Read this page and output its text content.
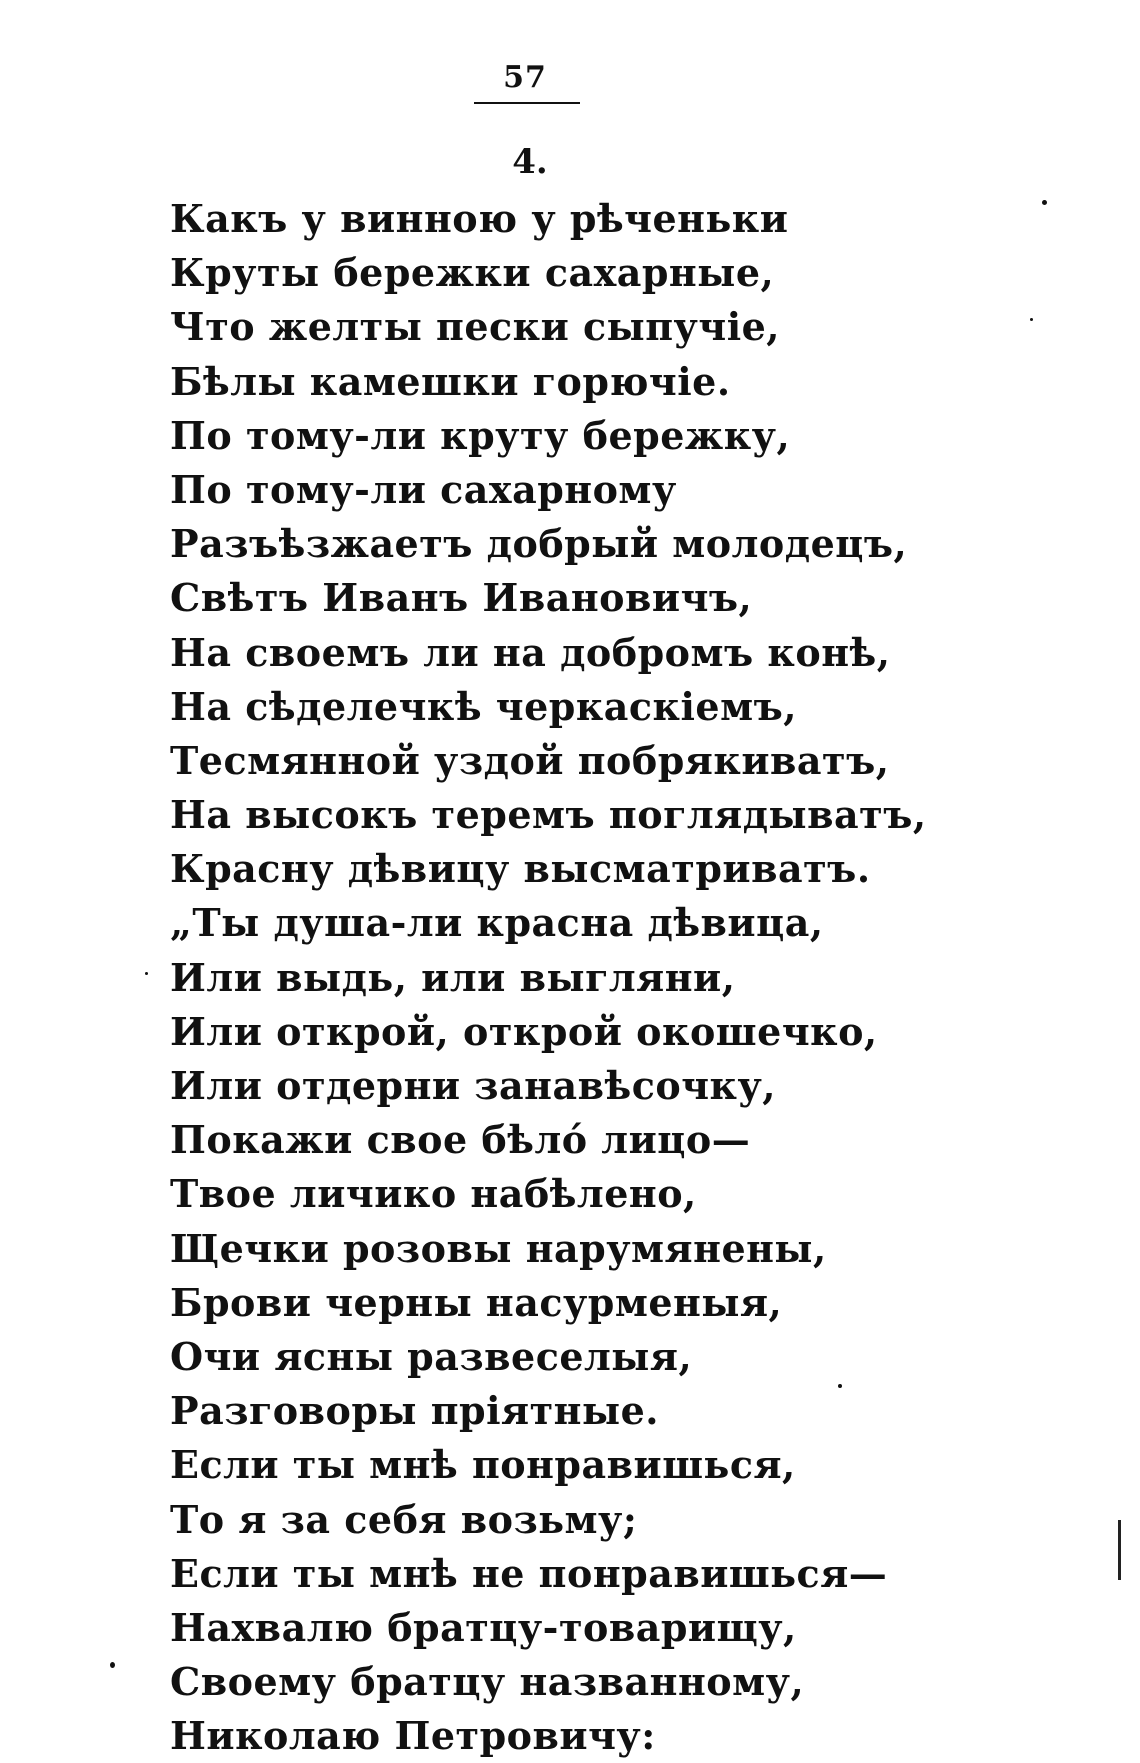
57
4.
Какъ у винною у рѣченьки
Круты бережки сахарные,
Что желты пески сыпучіе,
Бѣлы камешки горючіе.
По тому-ли круту бережку,
По тому-ли сахарному
Разъѣзжаетъ добрый молодецъ,
Свѣтъ Иванъ Ивановичъ,
На своемъ ли на добромъ конѣ,
На сѣделечкѣ черкаскіемъ,
Тесмянной уздой побрякиватъ,
На высокъ теремъ поглядыватъ,
Красну дѣвицу высматриватъ.
„Ты душа-ли красна дѣвица,
Или выдь, или выгляни,
Или открой, открой окошечко,
Или отдерни занавѣсочку,
Покажи свое бѣло́ лицо—
Твое личико набѣлено,
Щечки розовы нарумянены,
Брови черны насурменыя,
Очи ясны развеселыя,
Разговоры пріятные.
Если ты мнѣ понравишься,
То я за себя возьму;
Если ты мнѣ не понравишься—
Нахвалю братцу-товарищу,
Своему братцу названному,
Николаю Петровичу:
